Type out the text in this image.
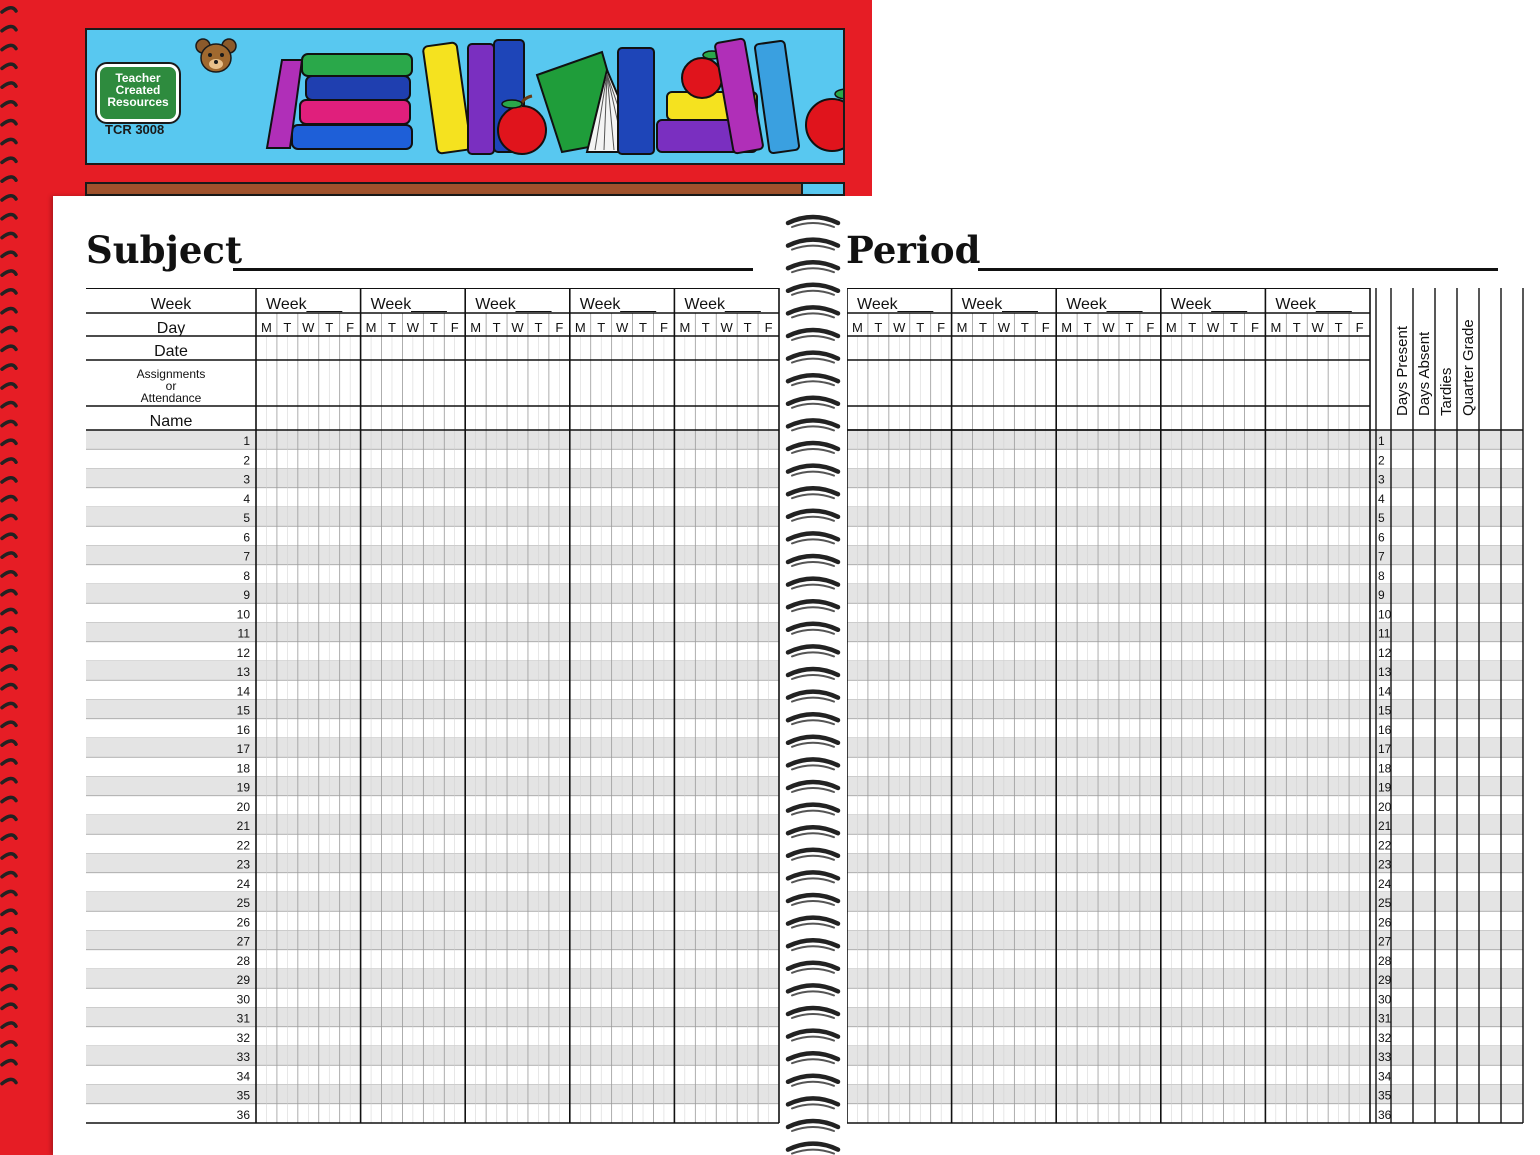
Teacher
Created
Resources
TCR 3008
Subject
Week____
M T W T F
Week____
M T W T F
Week____
M T W T F
Week____
M T W T F
Week____
M T W T F
Week
Day
Date
Assignments
or
Attendance
Name
1
2
3
4
5
6
7
8
9
10
11
12
13
14
15
16
17
18
19
20
21
22
23
24
25
26
27
28
29
30
31
32
33
34
35
36
Period
Week____
M T W T F
Week____
M T W T F
Week____
M T W T F
Week____
M T W T F
Week____
M T W T F Days Present Days Absent Tardies Quarter Grade
1
2
3
4
5
6
7
8
9
10
11
12
13
14
15
16
17
18
19
20
21
22
23
24
25
26
27
28
29
30
31
32
33
34
35
36
